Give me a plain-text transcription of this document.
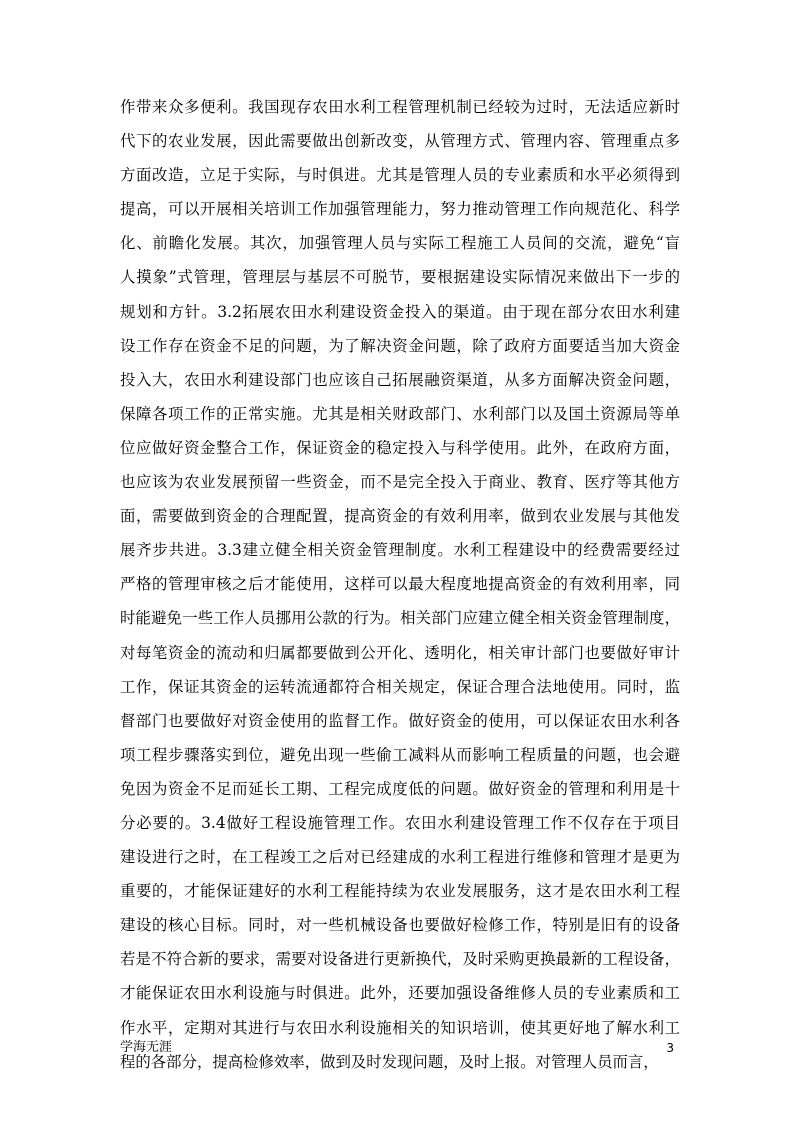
作带来众多便利。我国现存农田水利工程管理机制已经较为过时，无法适应新时
代下的农业发展，因此需要做出创新改变，从管理方式、管理内容、管理重点多
方面改造，立足于实际，与时俱进。尤其是管理人员的专业素质和水平必须得到
提高，可以开展相关培训工作加强管理能力，努力推动管理工作向规范化、科学
化、前瞻化发展。其次，加强管理人员与实际工程施工人员间的交流，避免“盲
人摸象”式管理，管理层与基层不可脱节，要根据建设实际情况来做出下一步的
规划和方针。3.2拓展农田水利建设资金投入的渠道。由于现在部分农田水利建
设工作存在资金不足的问题，为了解决资金问题，除了政府方面要适当加大资金
投入大，农田水利建设部门也应该自己拓展融资渠道，从多方面解决资金问题，
保障各项工作的正常实施。尤其是相关财政部门、水利部门以及国土资源局等单
位应做好资金整合工作，保证资金的稳定投入与科学使用。此外，在政府方面，
也应该为农业发展预留一些资金，而不是完全投入于商业、教育、医疗等其他方
面，需要做到资金的合理配置，提高资金的有效利用率，做到农业发展与其他发
展齐步共进。3.3建立健全相关资金管理制度。水利工程建设中的经费需要经过
严格的管理审核之后才能使用，这样可以最大程度地提高资金的有效利用率，同
时能避免一些工作人员挪用公款的行为。相关部门应建立健全相关资金管理制度，
对每笔资金的流动和归属都要做到公开化、透明化，相关审计部门也要做好审计
工作，保证其资金的运转流通都符合相关规定，保证合理合法地使用。同时，监
督部门也要做好对资金使用的监督工作。做好资金的使用，可以保证农田水利各
项工程步骤落实到位，避免出现一些偷工减料从而影响工程质量的问题，也会避
免因为资金不足而延长工期、工程完成度低的问题。做好资金的管理和利用是十
分必要的。3.4做好工程设施管理工作。农田水利建设管理工作不仅存在于项目
建设进行之时，在工程竣工之后对已经建成的水利工程进行维修和管理才是更为
重要的，才能保证建好的水利工程能持续为农业发展服务，这才是农田水利工程
建设的核心目标。同时，对一些机械设备也要做好检修工作，特别是旧有的设备
若是不符合新的要求，需要对设备进行更新换代，及时采购更换最新的工程设备，
才能保证农田水利设施与时俱进。此外，还要加强设备维修人员的专业素质和工
作水平，定期对其进行与农田水利设施相关的知识培训，使其更好地了解水利工
程的各部分，提高检修效率，做到及时发现问题，及时上报。对管理人员而言，
学海无涯	3
